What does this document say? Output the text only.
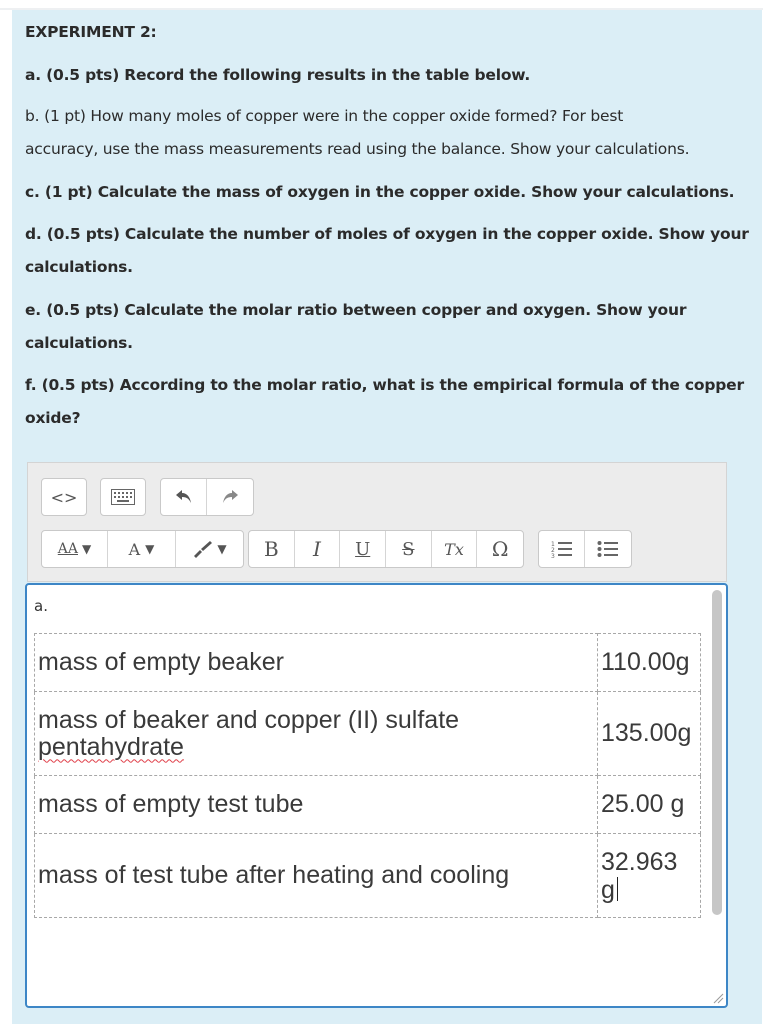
EXPERIMENT 2:
a. (0.5 pts) Record the following results in the table below.
b. (1 pt) How many moles of copper were in the copper oxide formed? For best
accuracy, use the mass measurements read using the balance. Show your calculations.
c. (1 pt) Calculate the mass of oxygen in the copper oxide. Show your calculations.
d. (0.5 pts) Calculate the number of moles of oxygen in the copper oxide. Show your
calculations.
e. (0.5 pts) Calculate the molar ratio between copper and oxygen. Show your
calculations.
f. (0.5 pts) According to the molar ratio, what is the empirical formula of the copper
oxide?
<>
AA ▼ A ▼	▼	B	I	U	S	Tx	Ω	1
2
3
a.
mass of empty beaker	110.00g
mass of beaker and copper (II) sulfate
pentahydrate	135.00g
mass of empty test tube	25.00 g
mass of test tube after heating and cooling	32.963
g
